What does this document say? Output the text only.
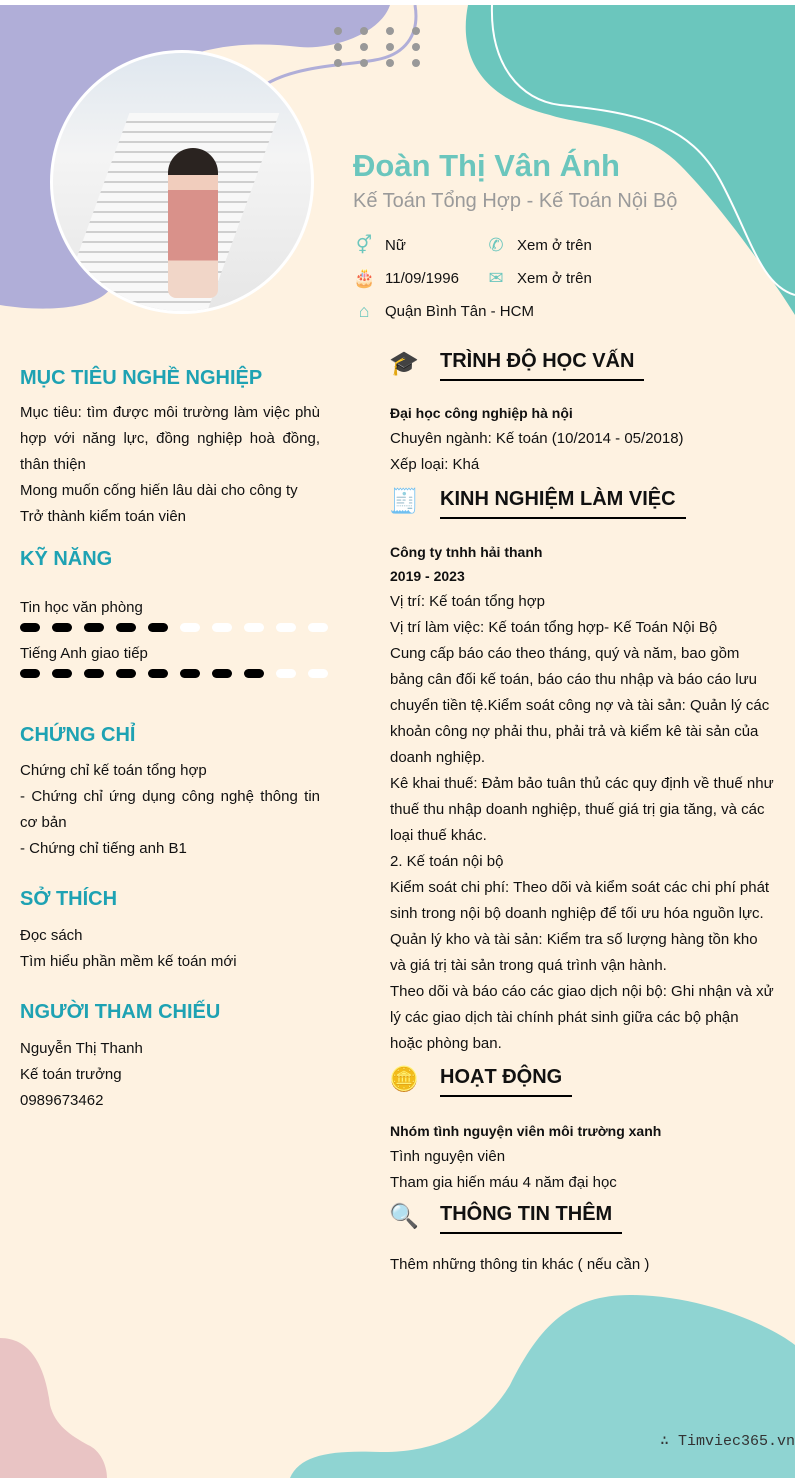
Đoàn Thị Vân Ánh
Kế Toán Tổng Hợp - Kế Toán Nội Bộ
⚥ Nữ
🎂 11/09/1996
⌂	Quận Bình Tân - HCM
✆ Xem ở trên
✉ Xem ở trên
MỤC TIÊU NGHỀ NGHIỆP
Mục tiêu: tìm được môi trường làm việc phù hợp với năng lực, đồng nghiệp hoà đồng, thân thiện
Mong muốn cống hiến lâu dài cho công ty
Trở thành kiểm toán viên
KỸ NĂNG
Tin học văn phòng
Tiếng Anh giao tiếp
CHỨNG CHỈ
Chứng chỉ kế toán tổng hợp
- Chứng chỉ ứng dụng công nghệ thông tin cơ bản
- Chứng chỉ tiếng anh B1
SỞ THÍCH
Đọc sách
Tìm hiểu phần mềm kế toán mới
NGƯỜI THAM CHIẾU
Nguyễn Thị Thanh
Kế toán trưởng
0989673462
🎓 TRÌNH ĐỘ HỌC VẤN
Đại học công nghiệp hà nội
Chuyên ngành: Kế toán (10/2014 - 05/2018)
Xếp loại: Khá
🧾 KINH NGHIỆM LÀM VIỆC
Công ty tnhh hải thanh
2019 - 2023
Vị trí: Kế toán tổng hợp
Vị trí làm việc: Kế toán tổng hợp- Kế Toán Nội Bộ
Cung cấp báo cáo theo tháng, quý và năm, bao gồm bảng cân đối kế toán, báo cáo thu nhập và báo cáo lưu chuyển tiền tệ.Kiểm soát công nợ và tài sản: Quản lý các khoản công nợ phải thu, phải trả và kiểm kê tài sản của doanh nghiệp.
Kê khai thuế: Đảm bảo tuân thủ các quy định về thuế như thuế thu nhập doanh nghiệp, thuế giá trị gia tăng, và các loại thuế khác.
2. Kế toán nội bộ
Kiểm soát chi phí: Theo dõi và kiểm soát các chi phí phát sinh trong nội bộ doanh nghiệp để tối ưu hóa nguồn lực.
Quản lý kho và tài sản: Kiểm tra số lượng hàng tồn kho và giá trị tài sản trong quá trình vận hành.
Theo dõi và báo cáo các giao dịch nội bộ: Ghi nhận và xử lý các giao dịch tài chính phát sinh giữa các bộ phận hoặc phòng ban.
🪙 HOẠT ĐỘNG
Nhóm tình nguyện viên môi trường xanh
Tình nguyện viên
Tham gia hiến máu 4 năm đại học
🔍 THÔNG TIN THÊM
Thêm những thông tin khác ( nếu cần )
∴ Timviec365.vn
